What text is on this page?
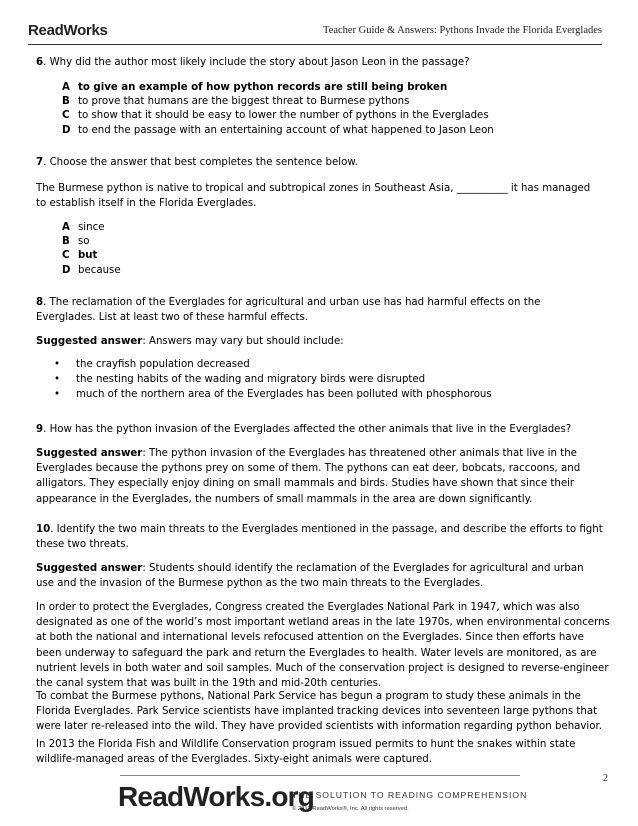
ReadWorks	Teacher Guide & Answers: Pythons Invade the Florida Everglades
6. Why did the author most likely include the story about Jason Leon in the passage?
A to give an example of how python records are still being broken
B to prove that humans are the biggest threat to Burmese pythons
C to show that it should be easy to lower the number of pythons in the Everglades
D to end the passage with an entertaining account of what happened to Jason Leon
7. Choose the answer that best completes the sentence below.
The Burmese python is native to tropical and subtropical zones in Southeast Asia, __________ it has managed to establish itself in the Florida Everglades.
A since
B so
C but
D because
8. The reclamation of the Everglades for agricultural and urban use has had harmful effects on the Everglades. List at least two of these harmful effects.
Suggested answer: Answers may vary but should include:
•	the crayfish population decreased
•	the nesting habits of the wading and migratory birds were disrupted
•	much of the northern area of the Everglades has been polluted with phosphorous
9. How has the python invasion of the Everglades affected the other animals that live in the Everglades?
Suggested answer: The python invasion of the Everglades has threatened other animals that live in the Everglades because the pythons prey on some of them. The pythons can eat deer, bobcats, raccoons, and alligators. They especially enjoy dining on small mammals and birds. Studies have shown that since their appearance in the Everglades, the numbers of small mammals in the area are down significantly.
10. Identify the two main threats to the Everglades mentioned in the passage, and describe the efforts to fight these two threats.
Suggested answer: Students should identify the reclamation of the Everglades for agricultural and urban use and the invasion of the Burmese python as the two main threats to the Everglades.
In order to protect the Everglades, Congress created the Everglades National Park in 1947, which was also designated as one of the world’s most important wetland areas in the late 1970s, when environmental concerns at both the national and international levels refocused attention on the Everglades. Since then efforts have been underway to safeguard the park and return the Everglades to health. Water levels are monitored, as are nutrient levels in both water and soil samples. Much of the conservation project is designed to reverse-engineer the canal system that was built in the 19th and mid-20th centuries.
To combat the Burmese pythons, National Park Service has begun a program to study these animals in the Florida Everglades. Park Service scientists have implanted tracking devices into seventeen large pythons that were later re-released into the wild. They have provided scientists with information regarding python behavior.
In 2013 the Florida Fish and Wildlife Conservation program issued permits to hunt the snakes within state wildlife-managed areas of the Everglades. Sixty-eight animals were captured.
2
ReadWorks.org
THE SOLUTION TO READING COMPREHENSION
© 2013 ReadWorks®, Inc. All rights reserved.
